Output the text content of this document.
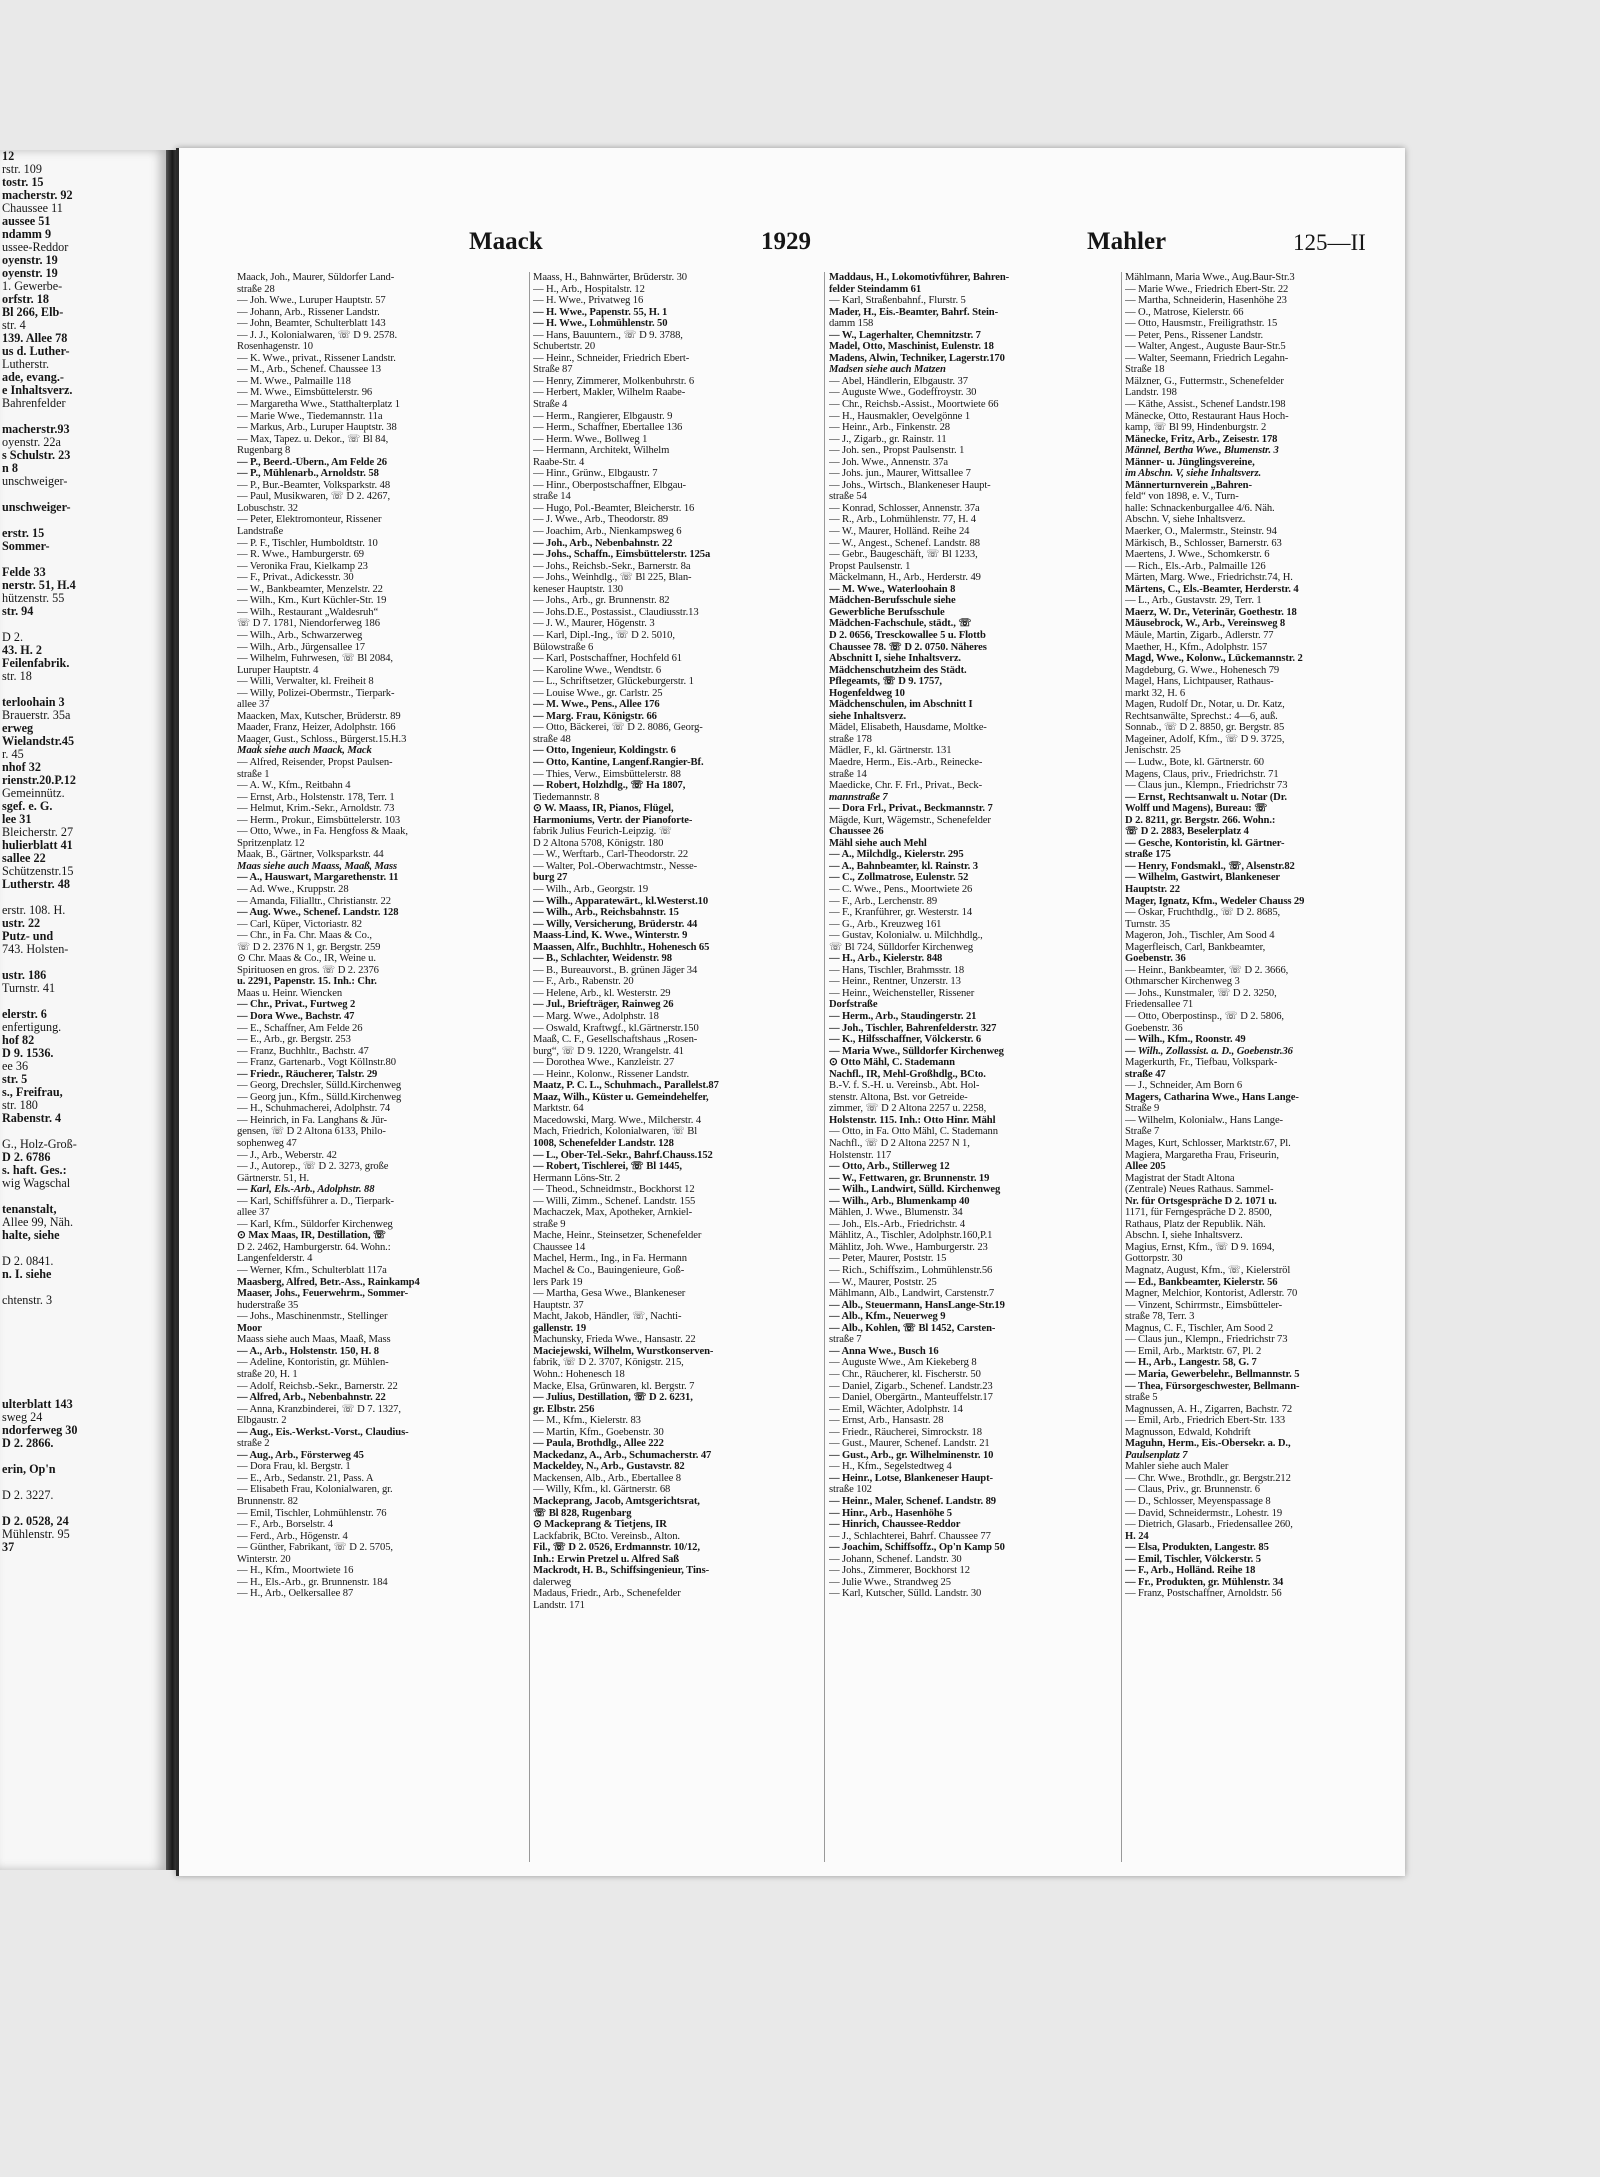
12
rstr. 109
tostr. 15
macherstr. 92
Chaussee 11
aussee 51
ndamm 9
ussee-Reddor
oyenstr. 19
oyenstr. 19
1. Gewerbe-
orfstr. 18
Bl 266, Elb-
str. 4
139. Allee 78
us d. Luther-
Lutherstr.
ade, evang.-
e Inhaltsverz.
Bahrenfelder

macherstr.93
oyenstr. 22a
s Schulstr. 23
n 8
unschweiger-

unschweiger-

erstr. 15
Sommer-

Felde 33
nerstr. 51, H.4
hützenstr. 55
str. 94

D 2.
43. H. 2
Feilenfabrik.
str. 18

terloohain 3
Brauerstr. 35a
erweg
Wielandstr.45
r. 45
nhof 32
rienstr.20.P.12
Gemeinnütz.
sgef. e. G.
lee 31
Bleicherstr. 27
hulierblatt 41
sallee 22
Schützenstr.15
Lutherstr. 48

erstr. 108. H.
ustr. 22
Putz- und
743. Holsten-

ustr. 186
Turnstr. 41

elerstr. 6
enfertigung.
hof 82
D 9. 1536.
ee 36
str. 5
s., Freifrau,
str. 180
Rabenstr. 4

G., Holz-Groß-
D 2. 6786
s. haft. Ges.:
wig Wagschal

tenanstalt,
Allee 99, Näh.
halte, siehe

D 2. 0841.
n. I. siehe

chtenstr. 3

ulterblatt 143
sweg 24
ndorferweg 30
D 2. 2866.

erin, Op'n

D 2. 3227.

D 2. 0528, 24
Mühlenstr. 95
37
Maack	1929	Mahler	125—II
Maack, Joh., Maurer, Süldorfer Land-
straße 28
— Joh. Wwe., Luruper Hauptstr. 57
— Johann, Arb., Rissener Landstr.
— John, Beamter, Schulterblatt 143
— J. J., Kolonialwaren, ☏ D 9. 2578.
Rosenhagenstr. 10
— K. Wwe., privat., Rissener Landstr.
— M., Arb., Schenef. Chaussee 13
— M. Wwe., Palmaille 118
— M. Wwe., Eimsbüttelerstr. 96
— Margaretha Wwe., Statthalterplatz 1
— Marie Wwe., Tiedemannstr. 11a
— Markus, Arb., Luruper Hauptstr. 38
— Max, Tapez. u. Dekor., ☏ Bl 84,
Rugenbarg 8
— P., Beerd.-Übern., Am Felde 26
— P., Mühlenarb., Arnoldstr. 58
— P., Bur.-Beamter, Volksparkstr. 48
— Paul, Musikwaren, ☏ D 2. 4267,
Lobuschstr. 32
— Peter, Elektromonteur, Rissener
Landstraße
— P. F., Tischler, Humboldtstr. 10
— R. Wwe., Hamburgerstr. 69
— Veronika Frau, Kielkamp 23
— F., Privat., Adickesstr. 30
— W., Bankbeamter, Menzelstr. 22
— Wilh., Km., Kurt Küchler-Str. 19
— Wilh., Restaurant „Waldesruh“
☏ D 7. 1781, Niendorferweg 186
— Wilh., Arb., Schwarzerweg
— Wilh., Arb., Jürgensallee 17
— Wilhelm, Fuhrwesen, ☏ Bl 2084,
Luruper Hauptstr. 4
— Willi, Verwalter, kl. Freiheit 8
— Willy, Polizei-Obermstr., Tierpark-
allee 37
Maacken, Max, Kutscher, Brüderstr. 89
Maader, Franz, Heizer, Adolphstr. 166
Maager, Gust., Schloss., Bürgerst.15.H.3
Maak siehe auch Maack, Mack
— Alfred, Reisender, Propst Paulsen-
straße 1
— A. W., Kfm., Reitbahn 4
— Ernst, Arb., Holstenstr. 178, Terr. 1
— Helmut, Krim.-Sekr., Arnoldstr. 73
— Herm., Prokur., Eimsbüttelerstr. 103
— Otto, Wwe., in Fa. Hengfoss & Maak,
Spritzenplatz 12
Maak, B., Gärtner, Volksparkstr. 44
Maas siehe auch Maass, Maaß, Mass
— A., Hauswart, Margarethenstr. 11
— Ad. Wwe., Kruppstr. 28
— Amanda, Filialltr., Christianstr. 22
— Aug. Wwe., Schenef. Landstr. 128
— Carl, Küper, Victoriastr. 82
— Chr., in Fa. Chr. Maas & Co.,
☏ D 2. 2376 N 1, gr. Bergstr. 259
⊙ Chr. Maas & Co., IR, Weine u.
Spirituosen en gros. ☏ D 2. 2376
u. 2291, Papenstr. 15. Inh.: Chr.
Maas u. Heinr. Wiencken
— Chr., Privat., Furtweg 2
— Dora Wwe., Bachstr. 47
— E., Schaffner, Am Felde 26
— E., Arb., gr. Bergstr. 253
— Franz, Buchhltr., Bachstr. 47
— Franz, Gartenarb., Vogt Köllnstr.80
— Friedr., Räucherer, Talstr. 29
— Georg, Drechsler, Sülld.Kirchenweg
— Georg jun., Kfm., Sülld.Kirchenweg
— H., Schuhmacherei, Adolphstr. 74
— Heinrich, in Fa. Langhans & Jür-
gensen, ☏ D 2 Altona 6133, Philo-
sophenweg 47
— J., Arb., Weberstr. 42
— J., Autorep., ☏ D 2. 3273, große
Gärtnerstr. 51, H.
— Karl, Els.-Arb., Adolphstr. 88
— Karl, Schiffsführer a. D., Tierpark-
allee 37
— Karl, Kfm., Süldorfer Kirchenweg
⊙ Max Maas, IR, Destillation, ☏
D 2. 2462, Hamburgerstr. 64. Wohn.:
Langenfelderstr. 4
— Werner, Kfm., Schulterblatt 117a
Maasberg, Alfred, Betr.-Ass., Rainkamp4
Maaser, Johs., Feuerwehrm., Sommer-
huderstraße 35
— Johs., Maschinenmstr., Stellinger
Moor
Maass siehe auch Maas, Maaß, Mass
— A., Arb., Holstenstr. 150, H. 8
— Adeline, Kontoristin, gr. Mühlen-
straße 20, H. 1
— Adolf, Reichsb.-Sekr., Barnerstr. 22
— Alfred, Arb., Nebenbahnstr. 22
— Anna, Kranzbinderei, ☏ D 7. 1327,
Elbgaustr. 2
— Aug., Eis.-Werkst.-Vorst., Claudius-
straße 2
— Aug., Arb., Försterweg 45
— Dora Frau, kl. Bergstr. 1
— E., Arb., Sedanstr. 21, Pass. A
— Elisabeth Frau, Kolonialwaren, gr.
Brunnenstr. 82
— Emil, Tischler, Lohmühlenstr. 76
— F., Arb., Borselstr. 4
— Ferd., Arb., Högenstr. 4
— Günther, Fabrikant, ☏ D 2. 5705,
Winterstr. 20
— H., Kfm., Moortwiete 16
— H., Els.-Arb., gr. Brunnenstr. 184
— H., Arb., Oelkersallee 87
Maass, H., Bahnwärter, Brüderstr. 30
— H., Arb., Hospitalstr. 12
— H. Wwe., Privatweg 16
— H. Wwe., Papenstr. 55, H. 1
— H. Wwe., Lohmühlenstr. 50
— Hans, Bauuntern., ☏ D 9. 3788,
Schubertstr. 20
— Heinr., Schneider, Friedrich Ebert-
Straße 87
— Henry, Zimmerer, Molkenbuhrstr. 6
— Herbert, Makler, Wilhelm Raabe-
Straße 4
— Herm., Rangierer, Elbgaustr. 9
— Herm., Schaffner, Ebertallee 136
— Herm. Wwe., Bollweg 1
— Hermann, Architekt, Wilhelm
Raabe-Str. 4
— Hinr., Grünw., Elbgaustr. 7
— Hinr., Oberpostschaffner, Elbgau-
straße 14
— Hugo, Pol.-Beamter, Bleicherstr. 16
— J. Wwe., Arb., Theodorstr. 89
— Joachim, Arb., Nienkampsweg 6
— Joh., Arb., Nebenbahnstr. 22
— Johs., Schaffn., Eimsbüttelerstr. 125a
— Johs., Reichsb.-Sekr., Barnerstr. 8a
— Johs., Weinhdlg., ☏ Bl 225, Blan-
keneser Hauptstr. 130
— Johs., Arb., gr. Brunnenstr. 82
— Johs.D.E., Postassist., Claudiusstr.13
— J. W., Maurer, Högenstr. 3
— Karl, Dipl.-Ing., ☏ D 2. 5010,
Bülowstraße 6
— Karl, Postschaffner, Hochfeld 61
— Karoline Wwe., Wendtstr. 6
— L., Schriftsetzer, Glückeburgerstr. 1
— Louise Wwe., gr. Carlstr. 25
— M. Wwe., Pens., Allee 176
— Marg. Frau, Königstr. 66
— Otto, Bäckerei, ☏ D 2. 8086, Georg-
straße 48
— Otto, Ingenieur, Koldingstr. 6
— Otto, Kantine, Langenf.Rangier-Bf.
— Thies, Verw., Eimsbüttelerstr. 88
— Robert, Holzhdlg., ☏ Ha 1807,
Tiedemannstr. 8
⊙ W. Maass, IR, Pianos, Flügel,
Harmoniums, Vertr. der Pianoforte-
fabrik Julius Feurich-Leipzig. ☏
D 2 Altona 5708, Königstr. 180
— W., Werftarb., Carl-Theodorstr. 22
— Walter, Pol.-Oberwachtmstr., Nesse-
burg 27
— Wilh., Arb., Georgstr. 19
— Wilh., Apparatewärt., kl.Westerst.10
— Wilh., Arb., Reichsbahnstr. 15
— Willy, Versicherung, Brüderstr. 44
Maass-Lind, K. Wwe., Winterstr. 9
Maassen, Alfr., Buchhltr., Hohenesch 65
— B., Schlachter, Weidenstr. 98
— B., Bureauvorst., B. grünen Jäger 34
— F., Arb., Rabenstr. 20
— Helene, Arb., kl. Westerstr. 29
— Jul., Briefträger, Rainweg 26
— Marg. Wwe., Adolphstr. 18
— Oswald, Kraftwgf., kl.Gärtnerstr.150
Maaß, C. F., Gesellschaftshaus „Rosen-
burg“, ☏ D 9. 1220, Wrangelstr. 41
— Dorothea Wwe., Kanzleistr. 27
— Heinr., Kolonw., Rissener Landstr.
Maatz, P. C. L., Schuhmach., Parallelst.87
Maaz, Wilh., Küster u. Gemeindehelfer,
Marktstr. 64
Macedowski, Marg. Wwe., Milcherstr. 4
Mach, Friedrich, Kolonialwaren, ☏ Bl
1008, Schenefelder Landstr. 128
— L., Ober-Tel.-Sekr., Bahrf.Chauss.152
— Robert, Tischlerei, ☏ Bl 1445,
Hermann Löns-Str. 2
— Theod., Schneidmstr., Bockhorst 12
— Willi, Zimm., Schenef. Landstr. 155
Machaczek, Max, Apotheker, Arnkiel-
straße 9
Mache, Heinr., Steinsetzer, Schenefelder
Chaussee 14
Machel, Herm., Ing., in Fa. Hermann
Machel & Co., Bauingenieure, Goß-
lers Park 19
— Martha, Gesa Wwe., Blankeneser
Hauptstr. 37
Macht, Jakob, Händler, ☏, Nachti-
gallenstr. 19
Machunsky, Frieda Wwe., Hansastr. 22
Maciejewski, Wilhelm, Wurstkonserven-
fabrik, ☏ D 2. 3707, Königstr. 215,
Wohn.: Hohenesch 18
Macke, Elsa, Grünwaren, kl. Bergstr. 7
— Julius, Destillation, ☏ D 2. 6231,
gr. Elbstr. 256
— M., Kfm., Kielerstr. 83
— Martin, Kfm., Goebenstr. 30
— Paula, Brothdlg., Allee 222
Mackedanz, A., Arb., Schumacherstr. 47
Mackeldey, N., Arb., Gustavstr. 82
Mackensen, Alb., Arb., Ebertallee 8
— Willy, Kfm., kl. Gärtnerstr. 68
Mackeprang, Jacob, Amtsgerichtsrat,
☏ Bl 828, Rugenbarg
⊙ Mackeprang & Tietjens, IR
Lackfabrik, BCto. Vereinsb., Alton.
Fil., ☏ D 2. 0526, Erdmannstr. 10/12,
Inh.: Erwin Pretzel u. Alfred Saß
Mackrodt, H. B., Schiffsingenieur, Tins-
dalerweg
Madaus, Friedr., Arb., Schenefelder
Landstr. 171
Maddaus, H., Lokomotivführer, Bahren-
felder Steindamm 61
— Karl, Straßenbahnf., Flurstr. 5
Mader, H., Eis.-Beamter, Bahrf. Stein-
damm 158
— W., Lagerhalter, Chemnitzstr. 7
Madel, Otto, Maschinist, Eulenstr. 18
Madens, Alwin, Techniker, Lagerstr.170
Madsen siehe auch Matzen
— Abel, Händlerin, Elbgaustr. 37
— Auguste Wwe., Godeffroystr. 30
— Chr., Reichsb.-Assist., Moortwiete 66
— H., Hausmakler, Oevelgönne 1
— Heinr., Arb., Finkenstr. 28
— J., Zigarb., gr. Rainstr. 11
— Joh. sen., Propst Paulsenstr. 1
— Joh. Wwe., Annenstr. 37a
— Johs. jun., Maurer, Wittsallee 7
— Johs., Wirtsch., Blankeneser Haupt-
straße 54
— Konrad, Schlosser, Annenstr. 37a
— R., Arb., Lohmühlenstr. 77, H. 4
— W., Maurer, Holländ. Reihe 24
— W., Angest., Schenef. Landstr. 88
— Gebr., Baugeschäft, ☏ Bl 1233,
Propst Paulsenstr. 1
Mäckelmann, H., Arb., Herderstr. 49
— M. Wwe., Waterloohain 8
Mädchen-Berufsschule siehe
Gewerbliche Berufsschule
Mädchen-Fachschule, städt., ☏
D 2. 0656, Tresckowallee 5 u. Flottb
Chaussee 78. ☏ D 2. 0750. Näheres
Abschnitt I, siehe Inhaltsverz.
Mädchenschutzheim des Städt.
Pflegeamts, ☏ D 9. 1757,
Hogenfeldweg 10
Mädchenschulen, im Abschnitt I
siehe Inhaltsverz.
Mädel, Elisabeth, Hausdame, Moltke-
straße 178
Mädler, F., kl. Gärtnerstr. 131
Maedre, Herm., Eis.-Arb., Reinecke-
straße 14
Maedicke, Chr. F. Frl., Privat., Beck-
mannstraße 7
— Dora Frl., Privat., Beckmannstr. 7
Mägde, Kurt, Wägemstr., Schenefelder
Chaussee 26
Mähl siehe auch Mehl
— A., Milchdlg., Kielerstr. 295
— A., Bahnbeamter, kl. Rainstr. 3
— C., Zollmatrose, Eulenstr. 52
— C. Wwe., Pens., Moortwiete 26
— F., Arb., Lerchenstr. 89
— F., Kranführer, gr. Westerstr. 14
— G., Arb., Kreuzweg 161
— Gustav, Kolonialw. u. Milchhdlg.,
☏ Bl 724, Sülldorfer Kirchenweg
— H., Arb., Kielerstr. 848
— Hans, Tischler, Brahmsstr. 18
— Heinr., Rentner, Unzerstr. 13
— Heinr., Weichensteller, Rissener
Dorfstraße
— Herm., Arb., Staudingerstr. 21
— Joh., Tischler, Bahrenfelderstr. 327
— K., Hilfsschaffner, Völckerstr. 6
— Maria Wwe., Sülldorfer Kirchenweg
⊙ Otto Mähl, C. Stademann
Nachfl., IR, Mehl-Großhdlg., BCto.
B.-V. f. S.-H. u. Vereinsb., Abt. Hol-
stenstr. Altona, Bst. vor Getreide-
zimmer, ☏ D 2 Altona 2257 u. 2258,
Holstenstr. 115. Inh.: Otto Hinr. Mähl
— Otto, in Fa. Otto Mähl, C. Stademann
Nachfl., ☏ D 2 Altona 2257 N 1,
Holstenstr. 117
— Otto, Arb., Stillerweg 12
— W., Fettwaren, gr. Brunnenstr. 19
— Wilh., Landwirt, Sülld. Kirchenweg
— Wilh., Arb., Blumenkamp 40
Mählen, J. Wwe., Blumenstr. 34
— Joh., Els.-Arb., Friedrichstr. 4
Mählitz, A., Tischler, Adolphstr.160,P.1
Mählitz, Joh. Wwe., Hamburgerstr. 23
— Peter, Maurer, Poststr. 15
— Rich., Schiffszim., Lohmühlenstr.56
— W., Maurer, Poststr. 25
Mählmann, Alb., Landwirt, Carstenstr.7
— Alb., Steuermann, HansLange-Str.19
— Alb., Kfm., Neuerweg 9
— Alb., Kohlen, ☏ Bl 1452, Carsten-
straße 7
— Anna Wwe., Busch 16
— Auguste Wwe., Am Kiekeberg 8
— Chr., Räucherer, kl. Fischerstr. 50
— Daniel, Zigarb., Schenef. Landstr.23
— Daniel, Obergärtn., Manteuffelstr.17
— Emil, Wächter, Adolphstr. 14
— Ernst, Arb., Hansastr. 28
— Friedr., Räucherei, Simrockstr. 18
— Gust., Maurer, Schenef. Landstr. 21
— Gust., Arb., gr. Wilhelminenstr. 10
— H., Kfm., Segelstedtweg 4
— Heinr., Lotse, Blankeneser Haupt-
straße 102
— Heinr., Maler, Schenef. Landstr. 89
— Hinr., Arb., Hasenhöhe 5
— Hinrich, Chaussee-Reddor
— J., Schlachterei, Bahrf. Chaussee 77
— Joachim, Schiffsoffz., Op'n Kamp 50
— Johann, Schenef. Landstr. 30
— Johs., Zimmerer, Bockhorst 12
— Julie Wwe., Strandweg 25
— Karl, Kutscher, Sülld. Landstr. 30
Mählmann, Maria Wwe., Aug.Baur-Str.3
— Marie Wwe., Friedrich Ebert-Str. 22
— Martha, Schneiderin, Hasenhöhe 23
— O., Matrose, Kielerstr. 66
— Otto, Hausmstr., Freiligrathstr. 15
— Peter, Pens., Rissener Landstr.
— Walter, Angest., Auguste Baur-Str.5
— Walter, Seemann, Friedrich Legahn-
Straße 18
Mälzner, G., Futtermstr., Schenefelder
Landstr. 198
— Käthe, Assist., Schenef Landstr.198
Mänecke, Otto, Restaurant Haus Hoch-
kamp, ☏ Bl 99, Hindenburgstr. 2
Mänecke, Fritz, Arb., Zeisestr. 178
Männel, Bertha Wwe., Blumenstr. 3
Männer- u. Jünglingsvereine,
im Abschn. V, siehe Inhaltsverz.
Männerturnverein „Bahren-
feld“ von 1898, e. V., Turn-
halle: Schnackenburgallee 4/6. Näh.
Abschn. V, siehe Inhaltsverz.
Maerker, O., Malermstr., Steinstr. 94
Märkisch, B., Schlosser, Barnerstr. 63
Maertens, J. Wwe., Schomkerstr. 6
— Rich., Els.-Arb., Palmaille 126
Märten, Marg. Wwe., Friedrichstr.74, H.
Märtens, C., Els.-Beamter, Herderstr. 4
— L., Arb., Gustavstr. 29, Terr. 1
Maerz, W. Dr., Veterinär, Goethestr. 18
Mäusebrock, W., Arb., Vereinsweg 8
Mäule, Martin, Zigarb., Adlerstr. 77
Maether, H., Kfm., Adolphstr. 157
Magd, Wwe., Kolonw., Lückemannstr. 2
Magdeburg, G. Wwe., Hohenesch 79
Magel, Hans, Lichtpauser, Rathaus-
markt 32, H. 6
Magen, Rudolf Dr., Notar, u. Dr. Katz,
Rechtsanwälte, Sprechst.: 4—6, auß.
Sonnab., ☏ D 2. 8850, gr. Bergstr. 85
Mageiner, Adolf, Kfm., ☏ D 9. 3725,
Jenischstr. 25
— Ludw., Bote, kl. Gärtnerstr. 60
Magens, Claus, priv., Friedrichstr. 71
— Claus jun., Klempn., Friedrichstr 73
— Ernst, Rechtsanwalt u. Notar (Dr.
Wolff und Magens), Bureau: ☏
D 2. 8211, gr. Bergstr. 266. Wohn.:
☏ D 2. 2883, Beselerplatz 4
— Gesche, Kontoristin, kl. Gärtner-
straße 175
— Henry, Fondsmakl., ☏, Alsenstr.82
— Wilhelm, Gastwirt, Blankeneser
Hauptstr. 22
Mager, Ignatz, Kfm., Wedeler Chauss 29
— Oskar, Fruchthdlg., ☏ D 2. 8685,
Turnstr. 35
Mageron, Joh., Tischler, Am Sood 4
Magerfleisch, Carl, Bankbeamter,
Goebenstr. 36
— Heinr., Bankbeamter, ☏ D 2. 3666,
Othmarscher Kirchenweg 3
— Johs., Kunstmaler, ☏ D 2. 3250,
Friedensallee 71
— Otto, Oberpostinsp., ☏ D 2. 5806,
Goebenstr. 36
— Wilh., Kfm., Roonstr. 49
— Wilh., Zollassist. a. D., Goebenstr.36
Magerkurth, Fr., Tiefbau, Volkspark-
straße 47
— J., Schneider, Am Born 6
Magers, Catharina Wwe., Hans Lange-
Straße 9
— Wilhelm, Kolonialw., Hans Lange-
Straße 7
Mages, Kurt, Schlosser, Marktstr.67, Pl.
Magiera, Margaretha Frau, Friseurin,
Allee 205
Magistrat der Stadt Altona
(Zentrale) Neues Rathaus. Sammel-
Nr. für Ortsgespräche D 2. 1071 u.
1171, für Ferngespräche D 2. 8500,
Rathaus, Platz der Republik. Näh.
Abschn. I, siehe Inhaltsverz.
Magius, Ernst, Kfm., ☏ D 9. 1694,
Gottorpstr. 30
Magnatz, August, Kfm., ☏, Kielerströl
— Ed., Bankbeamter, Kielerstr. 56
Magner, Melchior, Kontorist, Adlerstr. 70
— Vinzent, Schirrmstr., Eimsbütteler-
straße 78, Terr. 3
Magnus, C. F., Tischler, Am Sood 2
— Claus jun., Klempn., Friedrichstr 73
— Emil, Arb., Marktstr. 67, Pl. 2
— H., Arb., Langestr. 58, G. 7
— Maria, Gewerbelehr., Bellmannstr. 5
— Thea, Fürsorgeschwester, Bellmann-
straße 5
Magnussen, A. H., Zigarren, Bachstr. 72
— Emil, Arb., Friedrich Ebert-Str. 133
Magnusson, Edwald, Kohdrift
Maguhn, Herm., Eis.-Obersekr. a. D.,
Paulsenplatz 7
Mahler siehe auch Maler
— Chr. Wwe., Brothdlr., gr. Bergstr.212
— Claus, Priv., gr. Brunnenstr. 6
— D., Schlosser, Meyenspassage 8
— David, Schneidermstr., Lohestr. 19
— Dietrich, Glasarb., Friedensallee 260,
H. 24
— Elsa, Produkten, Langestr. 85
— Emil, Tischler, Völckerstr. 5
— F., Arb., Holländ. Reihe 18
— Fr., Produkten, gr. Mühlenstr. 34
— Franz, Postschaffner, Arnoldstr. 56
